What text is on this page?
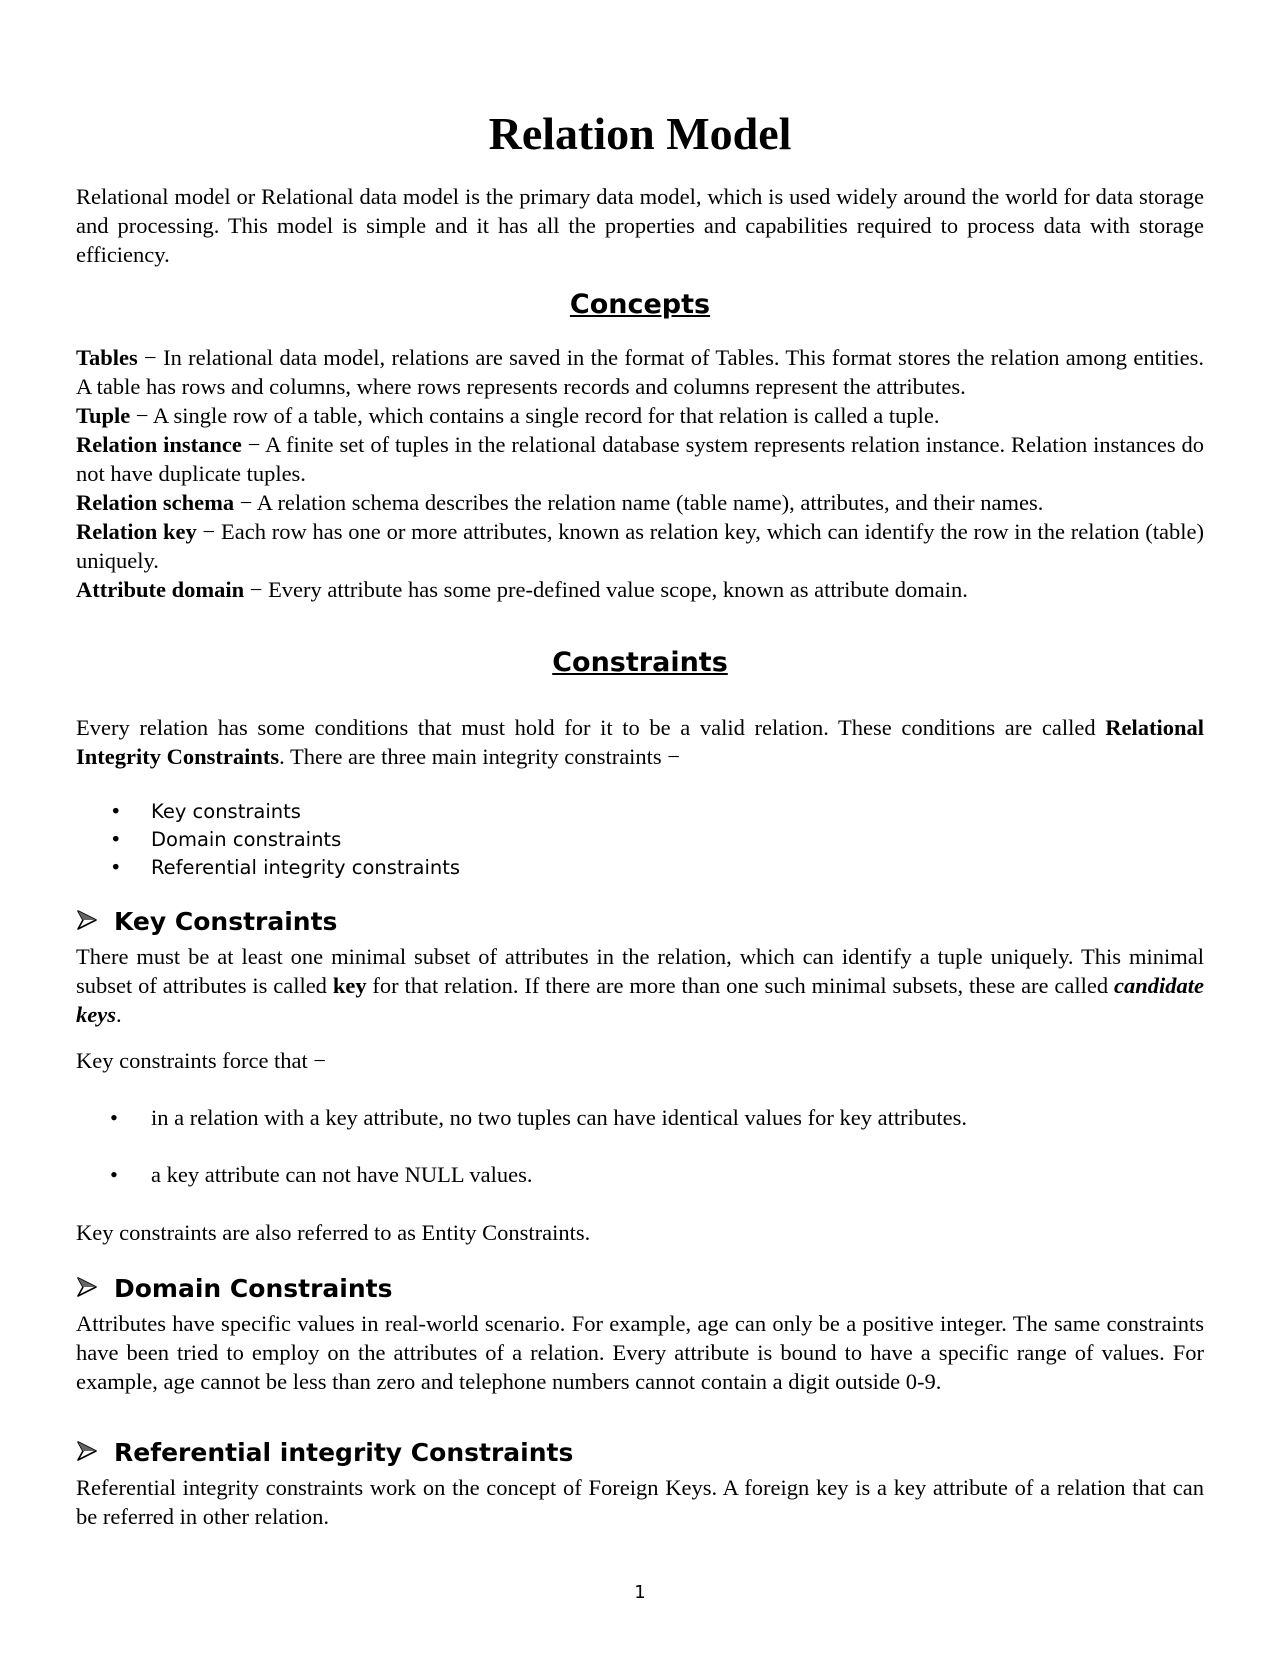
Relation Model

Relational model or Relational data model is the primary data model, which is used widely around the world for data storage and processing. This model is simple and it has all the properties and capabilities required to process data with storage efficiency.

Concepts

Tables − In relational data model, relations are saved in the format of Tables. This format stores the relation among entities. A table has rows and columns, where rows represents records and columns represent the attributes.

Tuple − A single row of a table, which contains a single record for that relation is called a tuple.

Relation instance − A finite set of tuples in the relational database system represents relation instance. Relation instances do not have duplicate tuples.

Relation schema − A relation schema describes the relation name (table name), attributes, and their names.

Relation key − Each row has one or more attributes, known as relation key, which can identify the row in the relation (table) uniquely.

Attribute domain − Every attribute has some pre-defined value scope, known as attribute domain.

Constraints

Every relation has some conditions that must hold for it to be a valid relation. These conditions are called Relational Integrity Constraints. There are three main integrity constraints −

• Key constraints
• Domain constraints
• Referential integrity constraints
Key Constraints

There must be at least one minimal subset of attributes in the relation, which can identify a tuple uniquely. This minimal subset of attributes is called key for that relation. If there are more than one such minimal subsets, these are called candidate keys.

Key constraints force that −

• in a relation with a key attribute, no two tuples can have identical values for key attributes.
• a key attribute can not have NULL values.

Key constraints are also referred to as Entity Constraints.

Domain Constraints

Attributes have specific values in real-world scenario. For example, age can only be a positive integer. The same constraints have been tried to employ on the attributes of a relation. Every attribute is bound to have a specific range of values. For example, age cannot be less than zero and telephone numbers cannot contain a digit outside 0-9.

Referential integrity Constraints

Referential integrity constraints work on the concept of Foreign Keys. A foreign key is a key attribute of a relation that can be referred in other relation.

1
